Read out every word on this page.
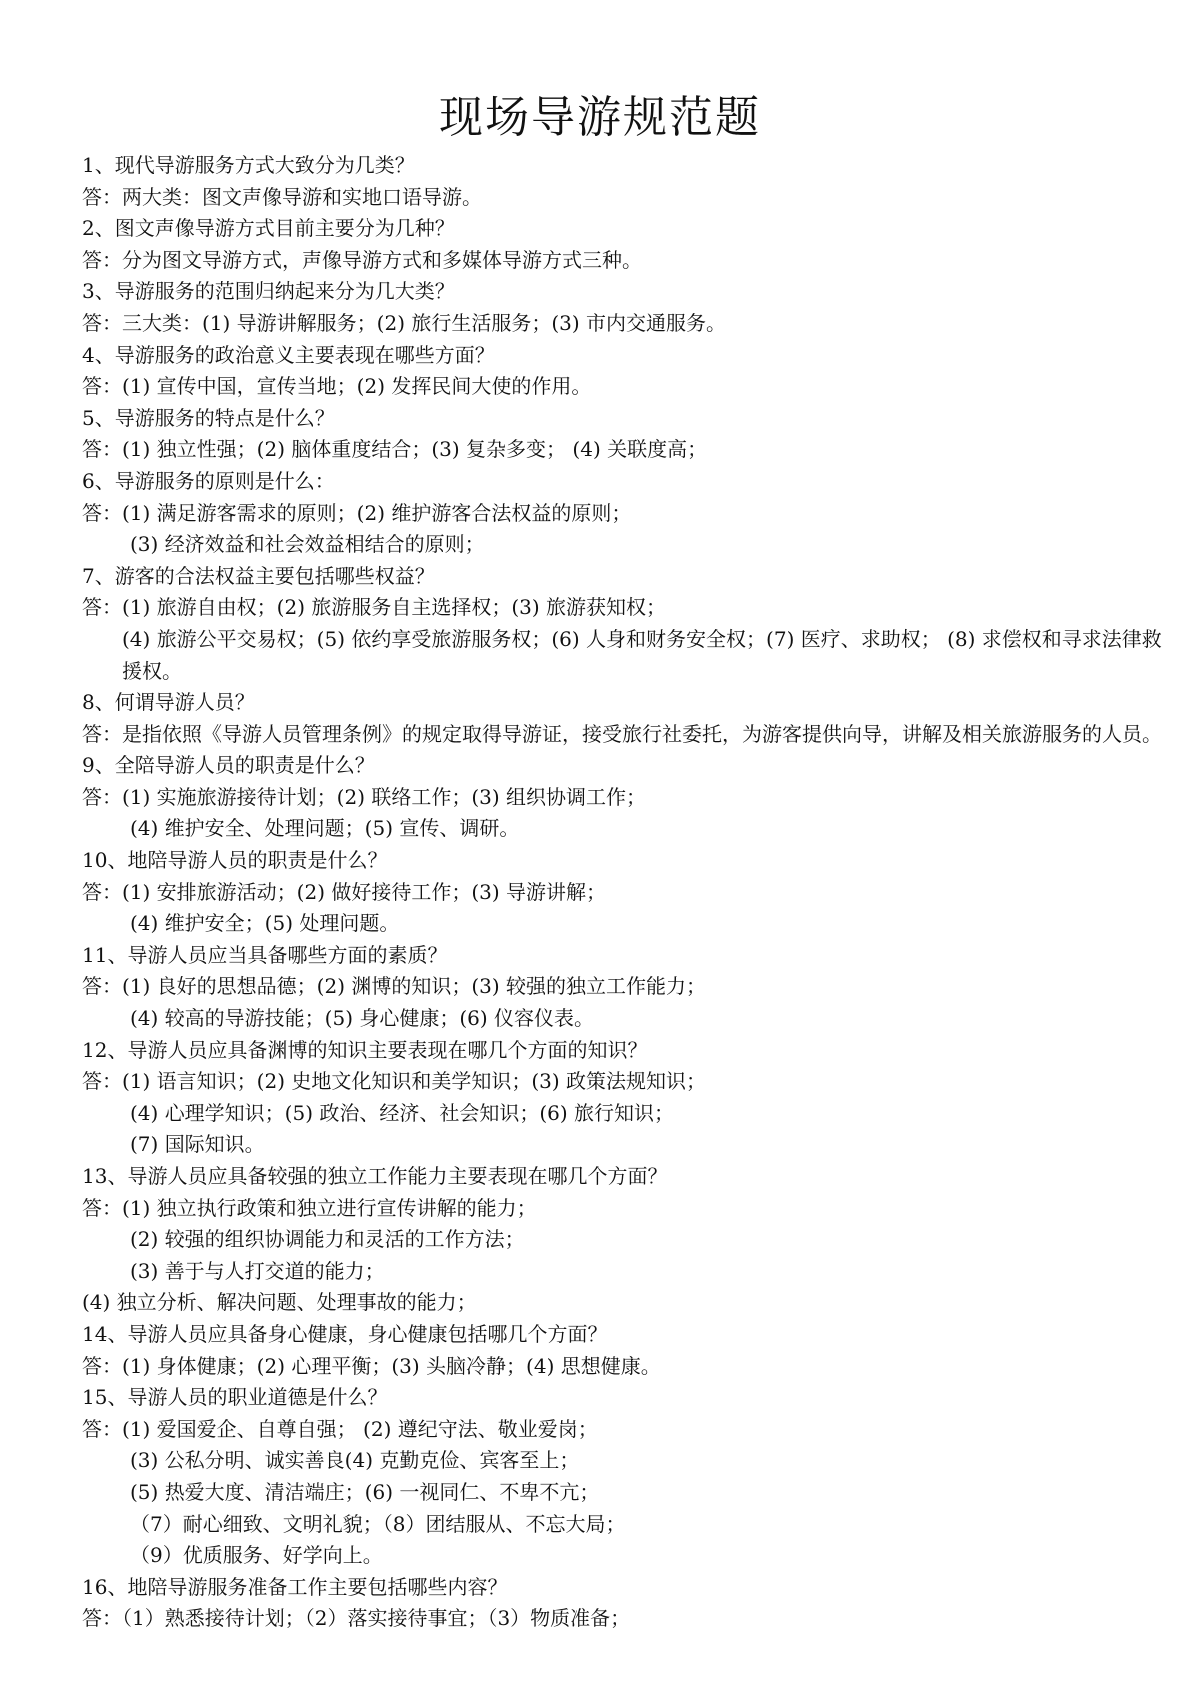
现场导游规范题
1、现代导游服务方式大致分为几类？
答：两大类：图文声像导游和实地口语导游。
2、图文声像导游方式目前主要分为几种？
答：分为图文导游方式，声像导游方式和多媒体导游方式三种。
3、导游服务的范围归纳起来分为几大类？
答：三大类：(1) 导游讲解服务；(2) 旅行生活服务；(3) 市内交通服务。
4、导游服务的政治意义主要表现在哪些方面？
答：(1) 宣传中国，宣传当地；(2) 发挥民间大使的作用。
5、导游服务的特点是什么？
答：(1) 独立性强；(2) 脑体重度结合；(3) 复杂多变； (4) 关联度高；
6、导游服务的原则是什么：
答：(1) 满足游客需求的原则；(2) 维护游客合法权益的原则；
(3) 经济效益和社会效益相结合的原则；
7、游客的合法权益主要包括哪些权益？
答：(1) 旅游自由权；(2) 旅游服务自主选择权；(3) 旅游获知权；
(4) 旅游公平交易权；(5) 依约享受旅游服务权；(6) 人身和财务安全权；(7) 医疗、求助权； (8) 求偿权和寻求法律救援权。
8、何谓导游人员？
答：是指依照《导游人员管理条例》的规定取得导游证，接受旅行社委托，为游客提供向导，讲解及相关旅游服务的人员。
9、全陪导游人员的职责是什么？
答：(1) 实施旅游接待计划；(2) 联络工作；(3) 组织协调工作；
(4) 维护安全、处理问题；(5) 宣传、调研。
10、地陪导游人员的职责是什么？
答：(1) 安排旅游活动；(2) 做好接待工作；(3) 导游讲解；
(4) 维护安全；(5) 处理问题。
11、导游人员应当具备哪些方面的素质？
答：(1) 良好的思想品德；(2) 渊博的知识；(3) 较强的独立工作能力；
(4) 较高的导游技能；(5) 身心健康；(6) 仪容仪表。
12、导游人员应具备渊博的知识主要表现在哪几个方面的知识？
答：(1) 语言知识；(2) 史地文化知识和美学知识；(3) 政策法规知识；
(4) 心理学知识；(5) 政治、经济、社会知识；(6) 旅行知识；
(7) 国际知识。
13、导游人员应具备较强的独立工作能力主要表现在哪几个方面？
答：(1) 独立执行政策和独立进行宣传讲解的能力；
(2) 较强的组织协调能力和灵活的工作方法；
(3) 善于与人打交道的能力；
(4) 独立分析、解决问题、处理事故的能力；
14、导游人员应具备身心健康，身心健康包括哪几个方面？
答：(1) 身体健康；(2) 心理平衡；(3) 头脑冷静；(4) 思想健康。
15、导游人员的职业道德是什么？
答：(1) 爱国爱企、自尊自强； (2) 遵纪守法、敬业爱岗；
(3) 公私分明、诚实善良(4) 克勤克俭、宾客至上；
(5) 热爱大度、清洁端庄；(6) 一视同仁、不卑不亢；
（7）耐心细致、文明礼貌；（8）团结服从、不忘大局；
（9）优质服务、好学向上。
16、地陪导游服务准备工作主要包括哪些内容？
答：（1）熟悉接待计划；（2）落实接待事宜；（3）物质准备；
